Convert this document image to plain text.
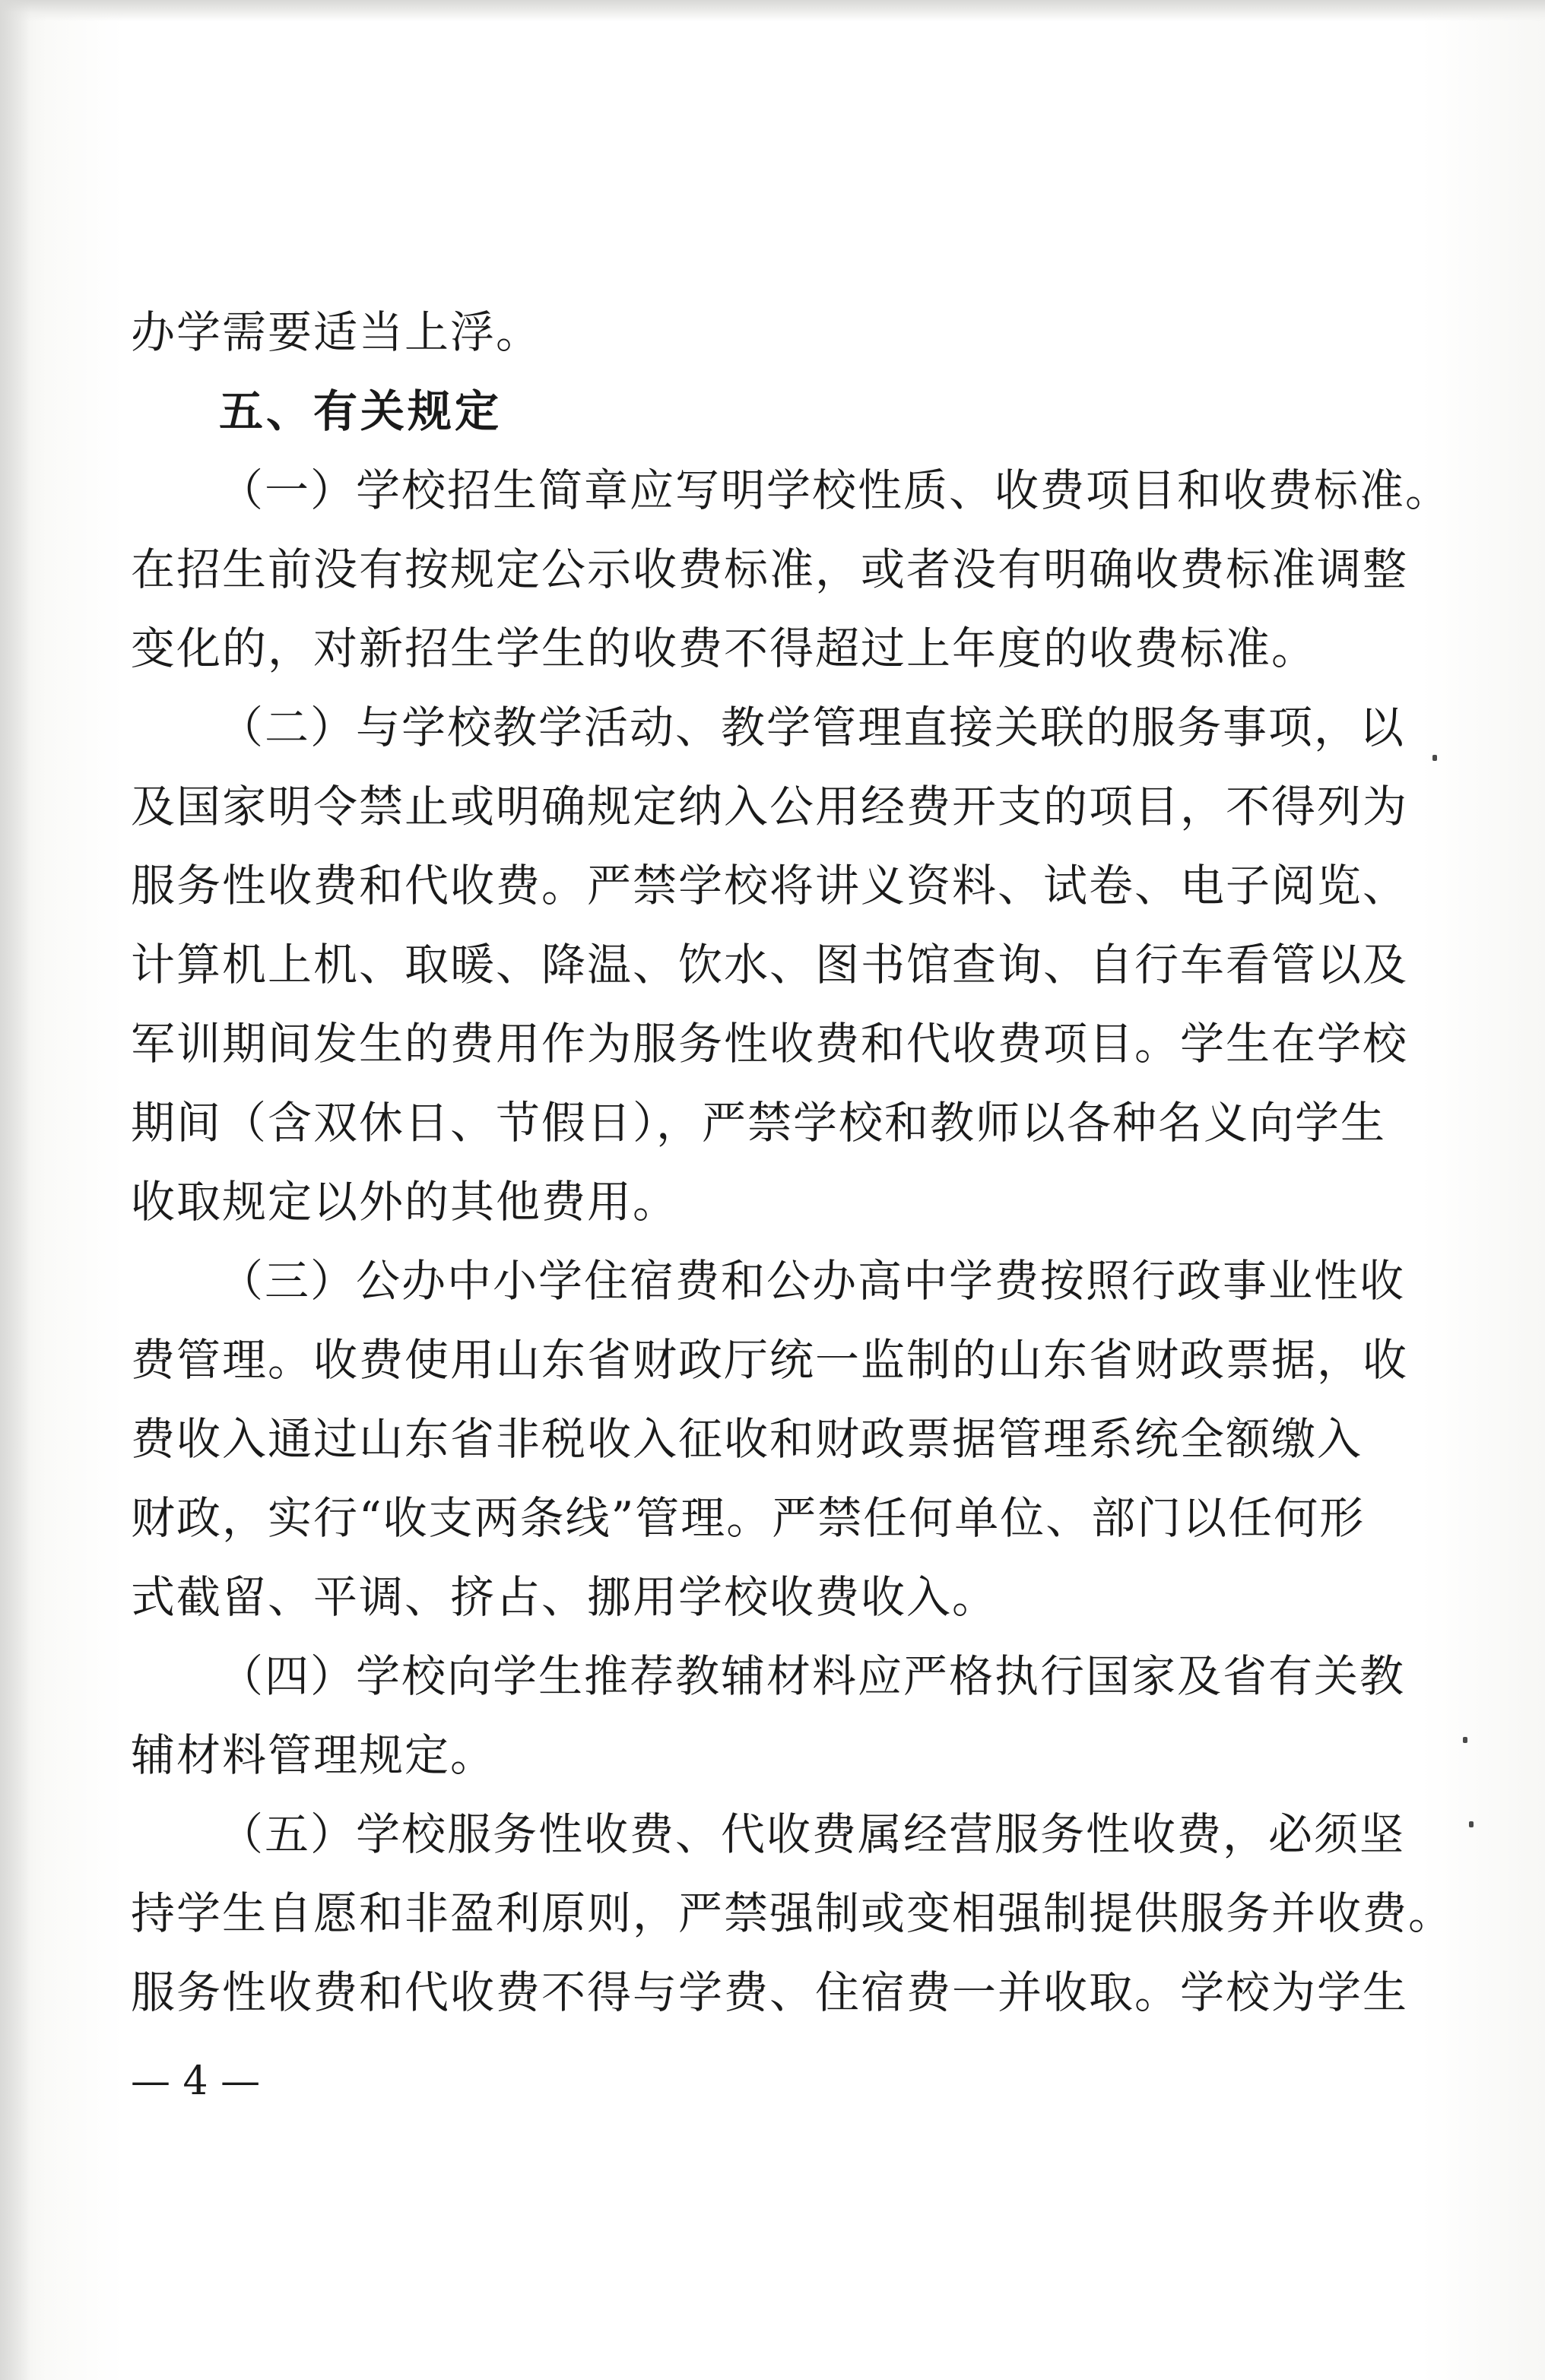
办学需要适当上浮。
五、有关规定
（一）学校招生简章应写明学校性质、收费项目和收费标准。
在招生前没有按规定公示收费标准，或者没有明确收费标准调整
变化的，对新招生学生的收费不得超过上年度的收费标准。
（二）与学校教学活动、教学管理直接关联的服务事项，以
及国家明令禁止或明确规定纳入公用经费开支的项目，不得列为
服务性收费和代收费。严禁学校将讲义资料、试卷、电子阅览、
计算机上机、取暖、降温、饮水、图书馆查询、自行车看管以及
军训期间发生的费用作为服务性收费和代收费项目。学生在学校
期间（含双休日、节假日），严禁学校和教师以各种名义向学生
收取规定以外的其他费用。
（三）公办中小学住宿费和公办高中学费按照行政事业性收
费管理。收费使用山东省财政厅统一监制的山东省财政票据，收
费收入通过山东省非税收入征收和财政票据管理系统全额缴入
财政，实行“收支两条线”管理。严禁任何单位、部门以任何形
式截留、平调、挤占、挪用学校收费收入。
（四）学校向学生推荐教辅材料应严格执行国家及省有关教
辅材料管理规定。
（五）学校服务性收费、代收费属经营服务性收费，必须坚
持学生自愿和非盈利原则，严禁强制或变相强制提供服务并收费。
服务性收费和代收费不得与学费、住宿费一并收取。学校为学生
— 4 —
